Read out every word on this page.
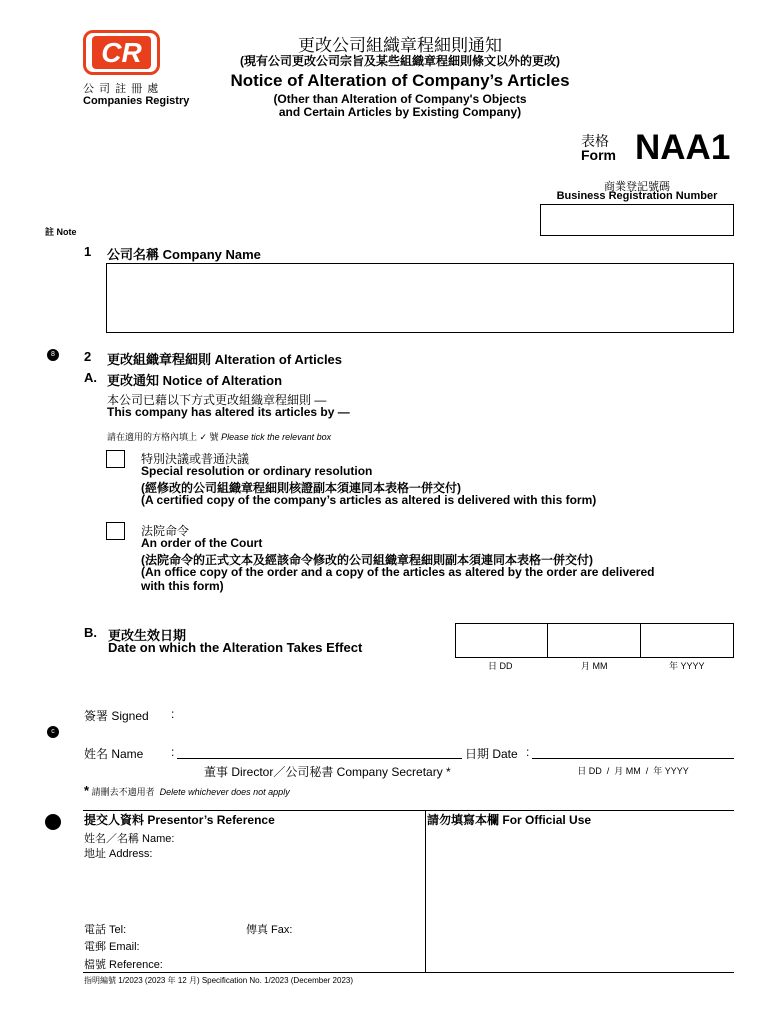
CR
公 司 註 冊 處
Companies Registry
更改公司組織章程細則通知
(現有公司更改公司宗旨及某些組織章程細則條文以外的更改)
Notice of Alteration of Company’s Articles
(Other than Alteration of Company's Objects
and Certain Articles by Existing Company)
表格
Form NAA1
商業登記號碼
Business Registration Number
註 Note
1 公司名稱 Company Name
8	2 更改組織章程細則 Alteration of Articles
A. 更改通知 Notice of Alteration
本公司已藉以下方式更改組織章程細則 —
This company has altered its articles by —
請在適用的方格內填上 ✓ 號 Please tick the relevant box
特別決議或普通決議
Special resolution or ordinary resolution
(經修改的公司組織章程細則核證副本須連同本表格一併交付)
(A certified copy of the company’s articles as altered is delivered with this form)
法院命令
An order of the Court
(法院命令的正式文本及經該命令修改的公司組織章程細則副本須連同本表格一併交付)
(An office copy of the order and a copy of the articles as altered by the order are delivered
with this form)
B. 更改生效日期
Date on which the Alteration Takes Effect
日 DD	月 MM	年 YYYY
c
簽署 Signed :
姓名 Name :	日期 Date :
董事 Director／公司秘書 Company Secretary *	日 DD  /  月 MM  /  年 YYYY
* 請刪去不適用者 Delete whichever does not apply
提交人資料 Presentor’s Reference
姓名／名稱 Name:
地址 Address:
電話 Tel:	傳真 Fax:
電郵 Email:
檔號 Reference:
請勿填寫本欄 For Official Use
指明編號 1/2023 (2023 年 12 月) Specification No. 1/2023 (December 2023)
